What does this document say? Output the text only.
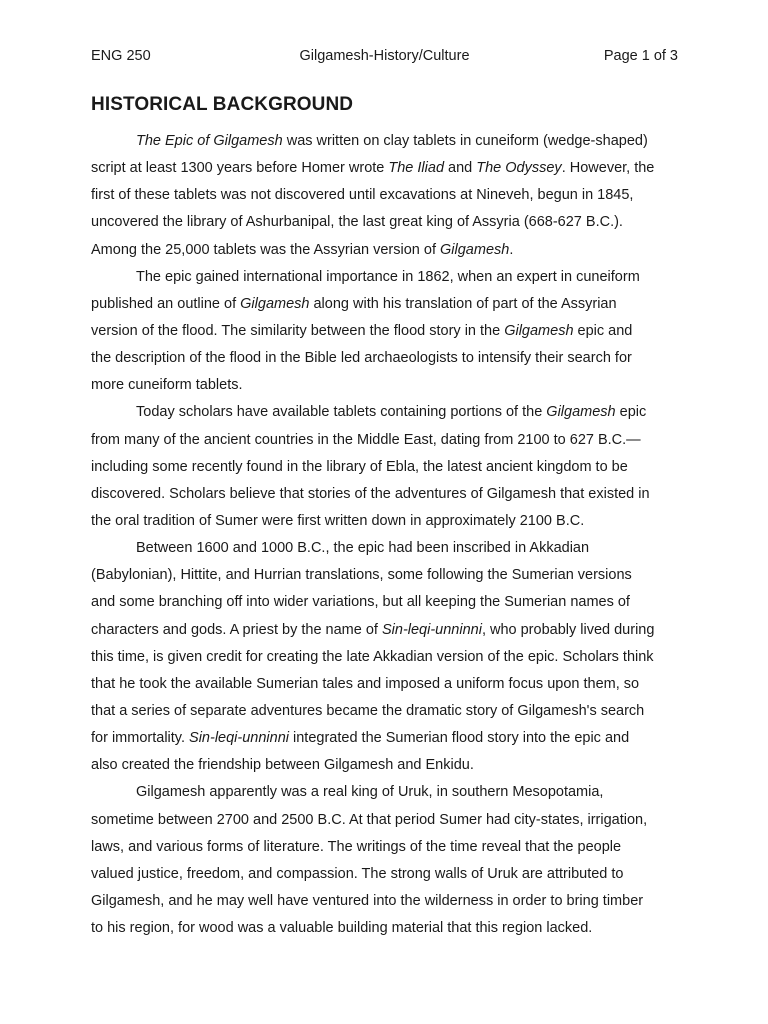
ENG 250	Gilgamesh-History/Culture	Page 1 of 3
HISTORICAL BACKGROUND
The Epic of Gilgamesh was written on clay tablets in cuneiform (wedge-shaped)
script at least 1300 years before Homer wrote The Iliad and The Odyssey. However, the
first of these tablets was not discovered until excavations at Nineveh, begun in 1845,
uncovered the library of Ashurbanipal, the last great king of Assyria (668-627 B.C.).
Among the 25,000 tablets was the Assyrian version of Gilgamesh.
The epic gained international importance in 1862, when an expert in cuneiform
published an outline of Gilgamesh along with his translation of part of the Assyrian
version of the flood. The similarity between the flood story in the Gilgamesh epic and
the description of the flood in the Bible led archaeologists to intensify their search for
more cuneiform tablets.
Today scholars have available tablets containing portions of the Gilgamesh epic
from many of the ancient countries in the Middle East, dating from 2100 to 627 B.C.—
including some recently found in the library of Ebla, the latest ancient kingdom to be
discovered. Scholars believe that stories of the adventures of Gilgamesh that existed in
the oral tradition of Sumer were first written down in approximately 2100 B.C.
Between 1600 and 1000 B.C., the epic had been inscribed in Akkadian
(Babylonian), Hittite, and Hurrian translations, some following the Sumerian versions
and some branching off into wider variations, but all keeping the Sumerian names of
characters and gods. A priest by the name of Sin-leqi-unninni, who probably lived during
this time, is given credit for creating the late Akkadian version of the epic. Scholars think
that he took the available Sumerian tales and imposed a uniform focus upon them, so
that a series of separate adventures became the dramatic story of Gilgamesh's search
for immortality. Sin-leqi-unninni integrated the Sumerian flood story into the epic and
also created the friendship between Gilgamesh and Enkidu.
Gilgamesh apparently was a real king of Uruk, in southern Mesopotamia,
sometime between 2700 and 2500 B.C. At that period Sumer had city-states, irrigation,
laws, and various forms of literature. The writings of the time reveal that the people
valued justice, freedom, and compassion. The strong walls of Uruk are attributed to
Gilgamesh, and he may well have ventured into the wilderness in order to bring timber
to his region, for wood was a valuable building material that this region lacked.
